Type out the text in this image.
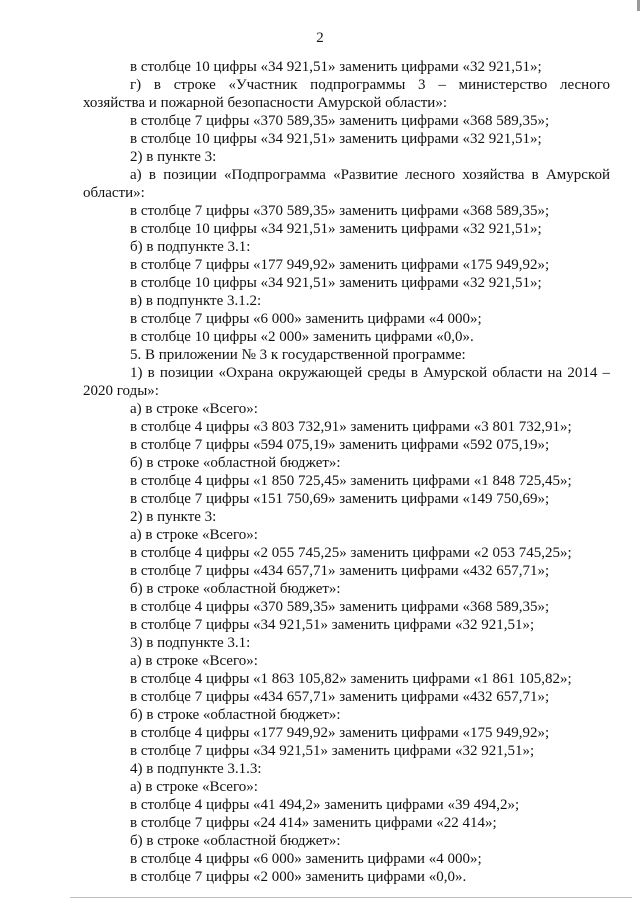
2
в столбце 10 цифры «34 921,51» заменить цифрами «32 921,51»;
г) в строке «Участник подпрограммы 3 – министерство лесного
хозяйства и пожарной безопасности Амурской области»:
в столбце 7 цифры «370 589,35» заменить цифрами «368 589,35»;
в столбце 10 цифры «34 921,51» заменить цифрами «32 921,51»;
2) в пункте 3:
а) в позиции «Подпрограмма «Развитие лесного хозяйства в Амурской
области»:
в столбце 7 цифры «370 589,35» заменить цифрами «368 589,35»;
в столбце 10 цифры «34 921,51» заменить цифрами «32 921,51»;
б) в подпункте 3.1:
в столбце 7 цифры «177 949,92» заменить цифрами «175 949,92»;
в столбце 10 цифры «34 921,51» заменить цифрами «32 921,51»;
в) в подпункте 3.1.2:
в столбце 7 цифры «6 000» заменить цифрами «4 000»;
в столбце 10 цифры «2 000» заменить цифрами «0,0».
5. В приложении № 3 к государственной программе:
1) в позиции «Охрана окружающей среды в Амурской области на 2014 –
2020 годы»:
а) в строке «Всего»:
в столбце 4 цифры «3 803 732,91» заменить цифрами «3 801 732,91»;
в столбце 7 цифры «594 075,19» заменить цифрами «592 075,19»;
б) в строке «областной бюджет»:
в столбце 4 цифры «1 850 725,45» заменить цифрами «1 848 725,45»;
в столбце 7 цифры «151 750,69» заменить цифрами «149 750,69»;
2) в пункте 3:
а) в строке «Всего»:
в столбце 4 цифры «2 055 745,25» заменить цифрами «2 053 745,25»;
в столбце 7 цифры «434 657,71» заменить цифрами «432 657,71»;
б) в строке «областной бюджет»:
в столбце 4 цифры «370 589,35» заменить цифрами «368 589,35»;
в столбце 7 цифры «34 921,51» заменить цифрами «32 921,51»;
3) в подпункте 3.1:
а) в строке «Всего»:
в столбце 4 цифры «1 863 105,82» заменить цифрами «1 861 105,82»;
в столбце 7 цифры «434 657,71» заменить цифрами «432 657,71»;
б) в строке «областной бюджет»:
в столбце 4 цифры «177 949,92» заменить цифрами «175 949,92»;
в столбце 7 цифры «34 921,51» заменить цифрами «32 921,51»;
4) в подпункте 3.1.3:
а) в строке «Всего»:
в столбце 4 цифры «41 494,2» заменить цифрами «39 494,2»;
в столбце 7 цифры «24 414» заменить цифрами «22 414»;
б) в строке «областной бюджет»:
в столбце 4 цифры «6 000» заменить цифрами «4 000»;
в столбце 7 цифры «2 000» заменить цифрами «0,0».
